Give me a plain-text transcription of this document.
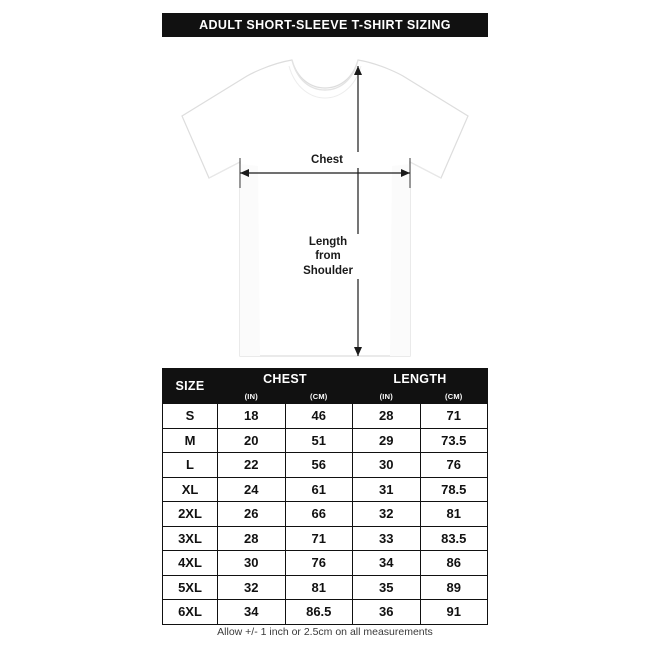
ADULT SHORT-SLEEVE T-SHIRT SIZING
Chest
Length
from
Shoulder
SIZE	CHEST		LENGTH	
	(IN)	(CM)	(IN)	(CM)
S	18	46	28	71
M	20	51	29	73.5
L	22	56	30	76
XL	24	61	31	78.5
2XL	26	66	32	81
3XL	28	71	33	83.5
4XL	30	76	34	86
5XL	32	81	35	89
6XL	34	86.5	36	91
Allow +/- 1 inch or 2.5cm on all measurements
